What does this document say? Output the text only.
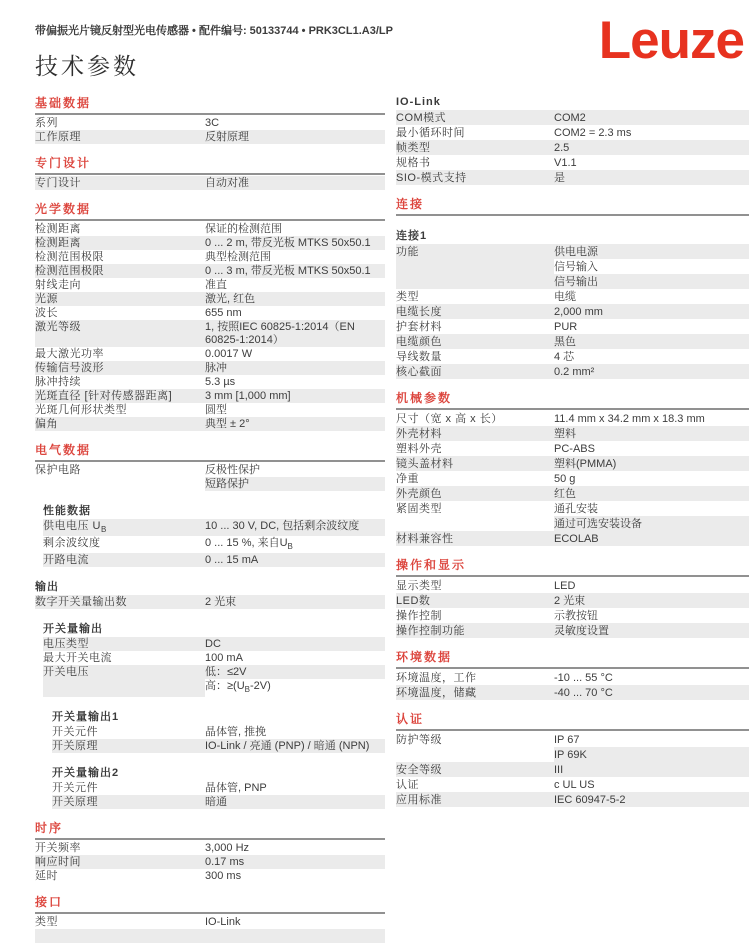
带偏振光片镜反射型光电传感器 • 配件编号: 50133744 • PRK3CL1.A3/LP	Leuze
技术参数
基础数据
系列	3C
工作原理	反射原理
专门设计
专门设计	自动对准
光学数据
检测距离	保证的检测范围
检测距离	0 ... 2 m, 带反光板 MTKS 50x50.1
检测范围极限	典型检测范围
检测范围极限	0 ... 3 m, 带反光板 MTKS 50x50.1
射线走向	准直
光源	激光, 红色
波长	655 nm
激光等级	1, 按照IEC 60825-1:2014（EN 60825-1:2014）
最大激光功率	0.0017 W
传输信号波形	脉冲
脉冲持续	5.3 µs
光斑直径 [针对传感器距离]	3 mm [1,000 mm]
光斑几何形状类型	圆型
偏角	典型 ± 2°
电气数据
保护电路	反极性保护
短路保护
性能数据
供电电压 $U_B$	10 ... 30 V, DC, 包括剩余波纹度
剩余波纹度	0 ... 15 %, 来自$U_B$
开路电流	0 ... 15 mA
输出
数字开关量输出数	2 光束
开关量输出
电压类型	DC
最大开关电流	100 mA
开关电压	低：≤2V
高：$\ge(U_B-2V)$
开关量输出1
开关元件	晶体管, 推挽
开关原理	IO-Link / 亮通 (PNP) / 暗通 (NPN)
开关量输出2
开关元件	晶体管, PNP
开关原理	暗通
时序
开关频率	3,000 Hz
响应时间	0.17 ms
延时	300 ms
接口
类型	IO-Link
IO-Link
COM模式	COM2
最小循环时间	COM2 = 2.3 ms
帧类型	2.5
规格书	V1.1
SIO-模式支持	是
连接
连接1
功能	供电电源
信号输入
信号输出
类型	电缆
电缆长度	2,000 mm
护套材料	PUR
电缆颜色	黑色
导线数量	4 芯
核心截面	0.2 mm²
机械参数
尺寸（宽 x 高 x 长）	11.4 mm x 34.2 mm x 18.3 mm
外壳材料	塑料
塑料外壳	PC-ABS
镜头盖材料	塑料(PMMA)
净重	50 g
外壳颜色	红色
紧固类型	通孔安装
通过可选安装设备
材料兼容性	ECOLAB
操作和显示
显示类型	LED
LED数	2 光束
操作控制	示教按钮
操作控制功能	灵敏度设置
环境数据
环境温度，工作	-10 ... 55 °C
环境温度，储藏	-40 ... 70 °C
认证
防护等级	IP 67
IP 69K
安全等级	III
认证	c UL US
应用标准	IEC 60947-5-2
